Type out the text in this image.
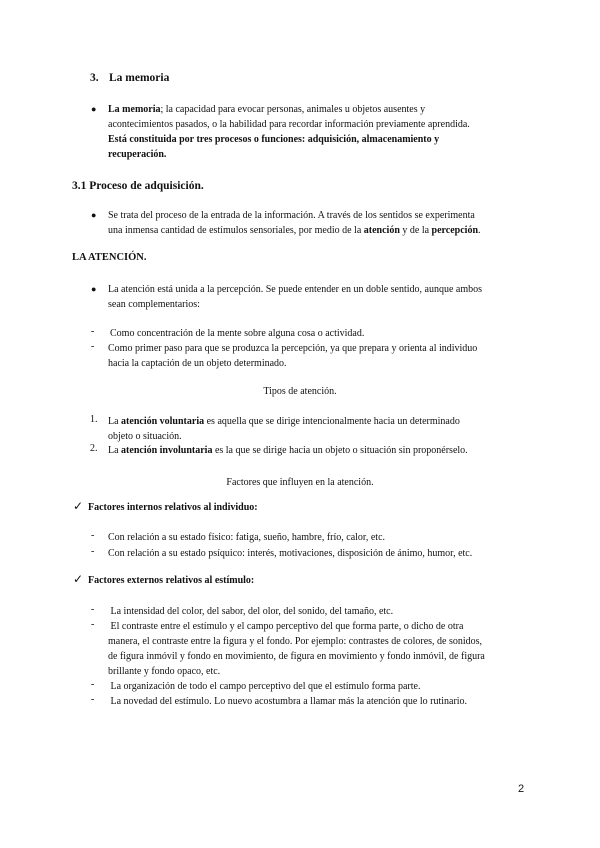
3. La memoria
● La memoria; la capacidad para evocar personas, animales u objetos ausentes y
acontecimientos pasados, o la habilidad para recordar información previamente aprendida.
Está constituida por tres procesos o funciones: adquisición, almacenamiento y
recuperación.
3.1 Proceso de adquisición.
● Se trata del proceso de la entrada de la información. A través de los sentidos se experimenta
una inmensa cantidad de estímulos sensoriales, por medio de la atención y de la percepción.
LA ATENCIÓN.
● La atención está unida a la percepción. Se puede entender en un doble sentido, aunque ambos
sean complementarios:
- Como concentración de la mente sobre alguna cosa o actividad.
- Como primer paso para que se produzca la percepción, ya que prepara y orienta al individuo
hacia la captación de un objeto determinado.
Tipos de atención.
1. La atención voluntaria es aquella que se dirige intencionalmente hacia un determinado
objeto o situación.
2. La atención involuntaria es la que se dirige hacia un objeto o situación sin proponérselo.
Factores que influyen en la atención.
✓ Factores internos relativos al individuo:
- Con relación a su estado físico: fatiga, sueño, hambre, frío, calor, etc.
- Con relación a su estado psíquico: interés, motivaciones, disposición de ánimo, humor, etc.
✓ Factores externos relativos al estímulo:
- La intensidad del color, del sabor, del olor, del sonido, del tamaño, etc.
- El contraste entre el estímulo y el campo perceptivo del que forma parte, o dicho de otra
manera, el contraste entre la figura y el fondo. Por ejemplo: contrastes de colores, de sonidos,
de figura inmóvil y fondo en movimiento, de figura en movimiento y fondo inmóvil, de figura
brillante y fondo opaco, etc.
- La organización de todo el campo perceptivo del que el estímulo forma parte.
- La novedad del estímulo. Lo nuevo acostumbra a llamar más la atención que lo rutinario.
2
